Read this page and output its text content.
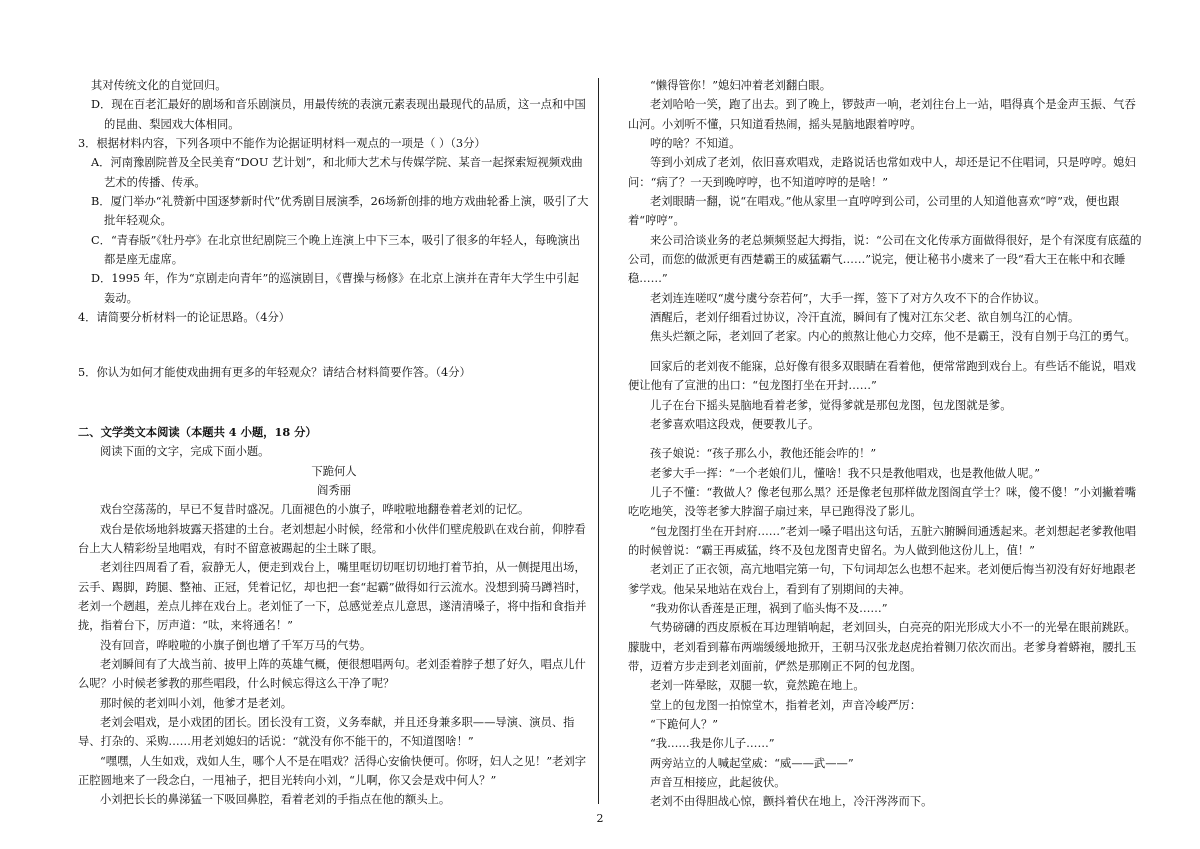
其对传统文化的自觉回归。

D．现在百老汇最好的剧场和音乐剧演员，用最传统的表演元素表现出最现代的品质，这一点和中国的昆曲、梨园戏大体相同。

3．根据材料内容，下列各项中不能作为论据证明材料一观点的一项是（ ）（3分）

A．河南豫剧院普及全民美育“DOU 艺计划”，和北师大艺术与传媒学院、某音一起探索短视频戏曲艺术的传播、传承。

B．厦门举办“礼赞新中国逐梦新时代”优秀剧目展演季，26场新创排的地方戏曲轮番上演，吸引了大批年轻观众。

C．“青春版”《牡丹亭》在北京世纪剧院三个晚上连演上中下三本，吸引了很多的年轻人，每晚演出都是座无虚席。

D．1995 年，作为“京剧走向青年”的巡演剧目，《曹操与杨修》在北京上演并在青年大学生中引起轰动。

4．请简要分析材料一的论证思路。（4分）

5．你认为如何才能使戏曲拥有更多的年轻观众？请结合材料简要作答。（4分）

二、文学类文本阅读（本题共 4 小题，18 分）

阅读下面的文字，完成下面小题。

下跪何人

阎秀丽

戏台空荡荡的，早已不复昔时盛况。几面褪色的小旗子，哗啦啦地翻卷着老刘的记忆。

戏台是依场地斜坡露天搭建的土台。老刘想起小时候，经常和小伙伴们壁虎般趴在戏台前，仰脖看台上大人精彩纷呈地唱戏，有时不留意被踢起的尘土眯了眼。

老刘往四周看了看，寂静无人，便走到戏台上，嘴里哐切切哐切切地打着节拍，从一侧提甩出场，云手、踢脚，跨腿、整袖、正冠，凭着记忆，却也把一套“起霸”做得如行云流水。没想到骑马蹲裆时，老刘一个趔趄，差点儿摔在戏台上。老刘怔了一下，总感觉差点儿意思，遂清清嗓子，将中指和食指并拢，指着台下，厉声道：“呔，来将通名！”

没有回音，哗啦啦的小旗子倒也增了千军万马的气势。

老刘瞬间有了大战当前、披甲上阵的英雄气概，便很想唱两句。老刘歪着脖子想了好久，唱点儿什么呢？小时候老爹教的那些唱段，什么时候忘得这么干净了呢？

那时候的老刘叫小刘，他爹才是老刘。

老刘会唱戏，是小戏团的团长。团长没有工资，义务奉献，并且还身兼多职——导演、演员、指导、打杂的、采购……用老刘媳妇的话说：“就没有你不能干的，不知道图啥！”

“嘿嘿，人生如戏，戏如人生，哪个人不是在唱戏？活得心安偷快便可。你呀，妇人之见！”老刘字正腔圆地来了一段念白，一甩袖子，把目光转向小刘，“儿啊，你又会是戏中何人？”

小刘把长长的鼻涕猛一下吸回鼻腔，看着老刘的手指点在他的额头上。

“懒得管你！”媳妇冲着老刘翻白眼。

老刘哈哈一笑，跑了出去。到了晚上，锣鼓声一响，老刘往台上一站，唱得真个是金声玉振、气吞山河。小刘听不懂，只知道看热闹，摇头晃脑地跟着哼哼。

哼的啥？不知道。

等到小刘成了老刘，依旧喜欢唱戏，走路说话也常如戏中人，却还是记不住唱词，只是哼哼。媳妇问：“病了？一天到晚哼哼，也不知道哼哼的是啥！”

老刘眼睛一翻，说“在唱戏。”他从家里一直哼哼到公司，公司里的人知道他喜欢“哼”戏，便也跟着“哼哼”。

来公司洽谈业务的老总频频竖起大拇指，说：“公司在文化传承方面做得很好，是个有深度有底蕴的公司，而您的做派更有西楚霸王的威猛霸气……”说完，便让秘书小虞来了一段“看大王在帐中和衣睡稳……”

老刘连连嗟叹“虞兮虞兮奈若何”，大手一挥，签下了对方久攻不下的合作协议。

酒醒后，老刘仔细看过协议，冷汗直流，瞬间有了愧对江东父老、欲自刎乌江的心情。

焦头烂额之际，老刘回了老家。内心的煎熬让他心力交瘁，他不是霸王，没有自刎于乌江的勇气。

回家后的老刘夜不能寐，总好像有很多双眼睛在看着他，便常常跑到戏台上。有些话不能说，唱戏便让他有了宣泄的出口：“包龙图打坐在开封……”

儿子在台下摇头晃脑地看着老爹，觉得爹就是那包龙图，包龙图就是爹。

老爹喜欢唱这段戏，便要教儿子。

孩子娘说：“孩子那么小，教他还能会咋的！”

老爹大手一挥：“一个老娘们儿，懂啥！我不只是教他唱戏，也是教他做人呢。”

儿子不懂：“教做人？像老包那么黑？还是像老包那样做龙图阁直学士？咪，傻不傻！”小刘撇着嘴吃吃地笑，没等老爹大脖溜子扇过来，早已跑得没了影儿。

“包龙图打坐在开封府……”老刘一嗓子唱出这句话，五脏六腑瞬间通透起来。老刘想起老爹教他唱的时候曾说：“霸王再威猛，终不及包龙图青史留名。为人做到他这份儿上，值！”

老刘正了正衣领，高亢地唱完第一句，下句词却怎么也想不起来。老刘便后悔当初没有好好地跟老爹学戏。他呆呆地站在戏台上，看到有了别期间的夫神。

“我劝你认香莲是正理，祸到了临头悔不及……”

气势磅礴的西皮原板在耳边理销响起，老刘回头，白亮亮的阳光形成大小不一的光晕在眼前跳跃。朦胧中，老刘看到幕布两端缓缓地掀开，王朝马汉张龙赵虎抬着铡刀依次而出。老爹身着蟒袍，腰扎玉带，迈着方步走到老刘面前，俨然是那刚正不阿的包龙图。

老刘一阵晕眩，双腿一软，竟然跪在地上。

堂上的包龙图一拍惊堂木，指着老刘，声音冷峻严厉：

“下跪何人？”

“我……我是你儿子……”

两旁站立的人喊起堂威：“威——武——”

声音互相接应，此起彼伏。

老刘不由得胆战心惊，颤抖着伏在地上，冷汗涔涔而下。

2
